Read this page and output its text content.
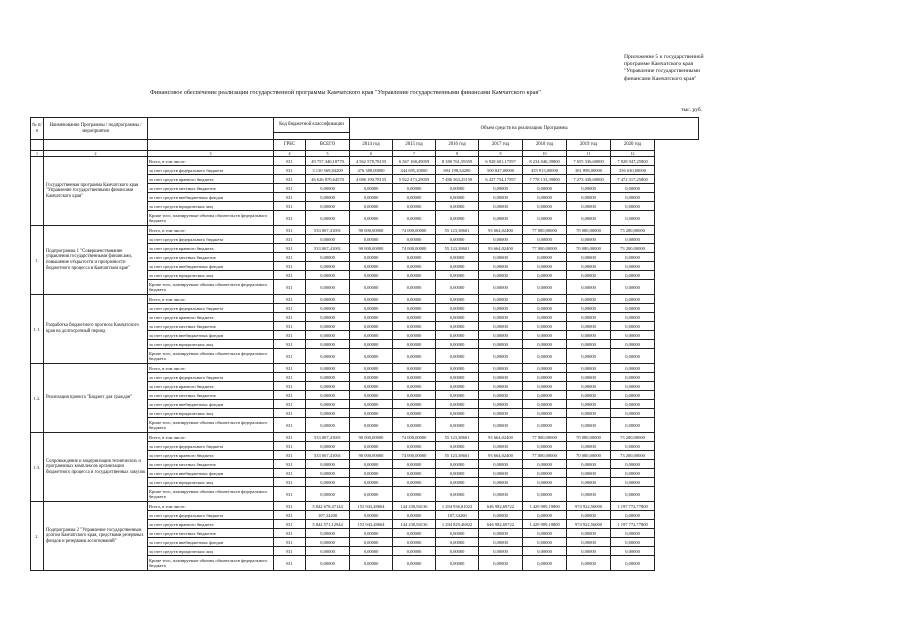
Приложение 5 к государственной
программе Камчатского края
"Управление государственными
финансами Камчатского края"
Финансовое обеспечение реализации государственной программы Камчатского края "Управление государственными финансами Камчатского края"
тыс. руб.
№ п/п	Наименование Программы / подпрограммы / мероприятия		Код бюджетной классификации		Объем средств на реализацию Программы						

			ГРБС	ВСЕГО	2014 год	2015 год	2016 год	2017 год	2018 год	2019 год	2020 год
1	2	3	4	5	6	7	8	9	10	11	12
	Государственная программа Камчатского края "Управление государственными финансами Камчатского края"	Всего, в том числе:	811	49 757 440,18770	4 562 578,78155	6 367 168,49059	8 180 761,59359	6 928 601,17597	8 234 046,39800	7 655 336,60000	7 828 947,25800
		за счет средств федерального бюджета	811	3 130 569,84200	476 388,00000	444 695,20000	694 198,34200	500 847,00000	455 913,00000	381 898,00000	356 630,00000
		за счет средств краевого бюджета	811	46 626 870,64570	4 086 190,78155	5 922 473,29059	7 486 563,25159	6 427 754,17597	7 778 133,39800	7 273 438,60000	7 472 317,25800
		за счет средств местных бюджетов	811	0,00000	0,00000	0,00000	0,00000	0,00000	0,00000	0,00000	0,00000
		за счет средств внебюджетных фондов	811	0,00000	0,00000	0,00000	0,00000	0,00000	0,00000	0,00000	0,00000
		за счет средств юридических лиц	811	0,00000	0,00000	0,00000	0,00000	0,00000	0,00000	0,00000	0,00000
		Кроме того, планируемые объемы обязательств федерального бюджета	811	0,00000	0,00000	0,00000	0,00000	0,00000	0,00000	0,00000	0,00000
1.	Подпрограмма 1 "Совершенствование управления государственными финансами, повышение открытости и прозрачности бюджетного процесса в Камчатском крае"	Всего, в том числе:	811	533 067,41001	90 000,00000	74 000,00000	55 123,38601	93 664,02400	77 000,00000	70 080,00000	73 200,00000
		за счет средств федерального бюджета	811	0,00000	0,00000	0,00000	0,00000	0,00000	0,00000	0,00000	0,00000
		за счет средств краевого бюджета	811	533 067,41001	90 000,00000	74 000,00000	55 123,38601	93 664,02400	77 000,00000	70 080,00000	73 200,00000
		за счет средств местных бюджетов	811	0,00000	0,00000	0,00000	0,00000	0,00000	0,00000	0,00000	0,00000
		за счет средств внебюджетных фондов	811	0,00000	0,00000	0,00000	0,00000	0,00000	0,00000	0,00000	0,00000
		за счет средств юридических лиц	811	0,00000	0,00000	0,00000	0,00000	0,00000	0,00000	0,00000	0,00000
		Кроме того, планируемые объемы обязательств федерального бюджета	811	0,00000	0,00000	0,00000	0,00000	0,00000	0,00000	0,00000	0,00000
1.1.	Разработка бюджетного прогноза Камчатского края на долгосрочный период	Всего, в том числе:	811	0,00000	0,00000	0,00000	0,00000	0,00000	0,00000	0,00000	0,00000
		за счет средств федерального бюджета	811	0,00000	0,00000	0,00000	0,00000	0,00000	0,00000	0,00000	0,00000
		за счет средств краевого бюджета	811	0,00000	0,00000	0,00000	0,00000	0,00000	0,00000	0,00000	0,00000
		за счет средств местных бюджетов	811	0,00000	0,00000	0,00000	0,00000	0,00000	0,00000	0,00000	0,00000
		за счет средств внебюджетных фондов	811	0,00000	0,00000	0,00000	0,00000	0,00000	0,00000	0,00000	0,00000
		за счет средств юридических лиц	811	0,00000	0,00000	0,00000	0,00000	0,00000	0,00000	0,00000	0,00000
		Кроме того, планируемые объемы обязательств федерального бюджета	811	0,00000	0,00000	0,00000	0,00000	0,00000	0,00000	0,00000	0,00000
1.2.	Реализация проекта "Бюджет для граждан"	Всего, в том числе:	811	0,00000	0,00000	0,00000	0,00000	0,00000	0,00000	0,00000	0,00000
		за счет средств федерального бюджета	811	0,00000	0,00000	0,00000	0,00000	0,00000	0,00000	0,00000	0,00000
		за счет средств краевого бюджета	811	0,00000	0,00000	0,00000	0,00000	0,00000	0,00000	0,00000	0,00000
		за счет средств местных бюджетов	811	0,00000	0,00000	0,00000	0,00000	0,00000	0,00000	0,00000	0,00000
		за счет средств внебюджетных фондов	811	0,00000	0,00000	0,00000	0,00000	0,00000	0,00000	0,00000	0,00000
		за счет средств юридических лиц	811	0,00000	0,00000	0,00000	0,00000	0,00000	0,00000	0,00000	0,00000
		Кроме того, планируемые объемы обязательств федерального бюджета	811	0,00000	0,00000	0,00000	0,00000	0,00000	0,00000	0,00000	0,00000
1.3.	Сопровождение и модернизация технических и программных комплексов организации бюджетного процесса и государственных закупок	Всего, в том числе:	811	533 067,41001	90 000,00000	74 000,00000	55 123,38601	93 664,02400	77 000,00000	70 080,00000	73 200,00000
		за счет средств федерального бюджета	811	0,00000	0,00000	0,00000	0,00000	0,00000	0,00000	0,00000	0,00000
		за счет средств краевого бюджета	811	533 067,41001	90 000,00000	74 000,00000	55 123,38601	93 664,02400	77 000,00000	70 080,00000	73 200,00000
		за счет средств местных бюджетов	811	0,00000	0,00000	0,00000	0,00000	0,00000	0,00000	0,00000	0,00000
		за счет средств внебюджетных фондов	811	0,00000	0,00000	0,00000	0,00000	0,00000	0,00000	0,00000	0,00000
		за счет средств юридических лиц	811	0,00000	0,00000	0,00000	0,00000	0,00000	0,00000	0,00000	0,00000
		Кроме того, планируемые объемы обязательств федерального бюджета	811	0,00000	0,00000	0,00000	0,00000	0,00000	0,00000	0,00000	0,00000
2.	Подпрограмма 2 "Управление государственным долгом Камчатского края, средствами резервных фондов и резервами ассигнований"	Всего, в том числе:	811	5 842 678,47144	153 943,48664	144 230,94136	1 294 936,81022	646 982,69722	1 429 989,19800	974 922,56000	1 197 772,77800
		за счет средств федерального бюджета	811	107,34200	0,00000	0,00000	107,34200	0,00000	0,00000	0,00000	0,00000
		за счет средств краевого бюджета	811	5 842 571,12944	153 943,48664	144 230,94136	1 294 829,46822	646 982,69722	1 429 989,19800	974 922,56000	1 197 772,77800
		за счет средств местных бюджетов	811	0,00000	0,00000	0,00000	0,00000	0,00000	0,00000	0,00000	0,00000
		за счет средств внебюджетных фондов	811	0,00000	0,00000	0,00000	0,00000	0,00000	0,00000	0,00000	0,00000
		за счет средств юридических лиц	811	0,00000	0,00000	0,00000	0,00000	0,00000	0,00000	0,00000	0,00000
		Кроме того, планируемые объемы обязательств федерального бюджета	811	0,00000	0,00000	0,00000	0,00000	0,00000	0,00000	0,00000	0,00000
